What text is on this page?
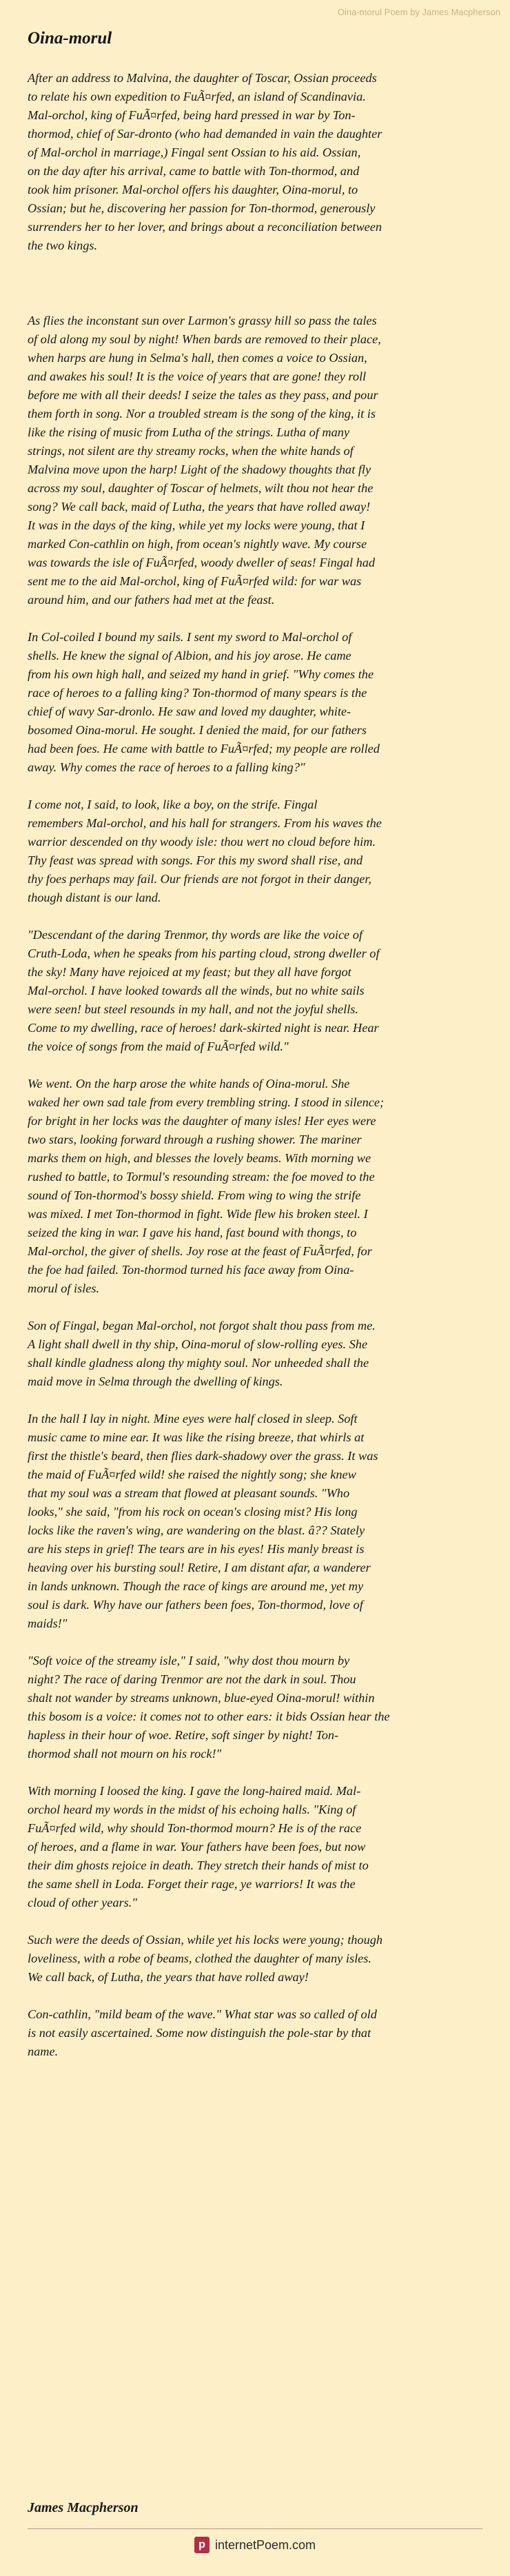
Oina-morul Poem by James Macpherson
Oina-morul

After an address to Malvina, the daughter of Toscar, Ossian proceeds
to relate his own expedition to FuÃ¤rfed, an island of Scandinavia.
Mal-orchol, king of FuÃ¤rfed, being hard pressed in war by Ton-
thormod, chief of Sar-dronto (who had demanded in vain the daughter
of Mal-orchol in marriage,) Fingal sent Ossian to his aid. Ossian,
on the day after his arrival, came to battle with Ton-thormod, and
took him prisoner. Mal-orchol offers his daughter, Oina-morul, to
Ossian; but he, discovering her passion for Ton-thormod, generously
surrenders her to her lover, and brings about a reconciliation between
the two kings.

As flies the inconstant sun over Larmon's grassy hill so pass the tales
of old along my soul by night! When bards are removed to their place,
when harps are hung in Selma's hall, then comes a voice to Ossian,
and awakes his soul! It is the voice of years that are gone! they roll
before me with all their deeds! I seize the tales as they pass, and pour
them forth in song. Nor a troubled stream is the song of the king, it is
like the rising of music from Lutha of the strings. Lutha of many
strings, not silent are thy streamy rocks, when the white hands of
Malvina move upon the harp! Light of the shadowy thoughts that fly
across my soul, daughter of Toscar of helmets, wilt thou not hear the
song? We call back, maid of Lutha, the years that have rolled away!
It was in the days of the king, while yet my locks were young, that I
marked Con-cathlin on high, from ocean's nightly wave. My course
was towards the isle of FuÃ¤rfed, woody dweller of seas! Fingal had
sent me to the aid Mal-orchol, king of FuÃ¤rfed wild: for war was
around him, and our fathers had met at the feast.

In Col-coiled I bound my sails. I sent my sword to Mal-orchol of
shells. He knew the signal of Albion, and his joy arose. He came
from his own high hall, and seized my hand in grief. "Why comes the
race of heroes to a falling king? Ton-thormod of many spears is the
chief of wavy Sar-dronlo. He saw and loved my daughter, white-
bosomed Oina-morul. He sought. I denied the maid, for our fathers
had been foes. He came with battle to FuÃ¤rfed; my people are rolled
away. Why comes the race of heroes to a falling king?"

I come not, I said, to look, like a boy, on the strife. Fingal
remembers Mal-orchol, and his hall for strangers. From his waves the
warrior descended on thy woody isle: thou wert no cloud before him.
Thy feast was spread with songs. For this my sword shall rise, and
thy foes perhaps may fail. Our friends are not forgot in their danger,
though distant is our land.

"Descendant of the daring Trenmor, thy words are like the voice of
Cruth-Loda, when he speaks from his parting cloud, strong dweller of
the sky! Many have rejoiced at my feast; but they all have forgot
Mal-orchol. I have looked towards all the winds, but no white sails
were seen! but steel resounds in my hall, and not the joyful shells.
Come to my dwelling, race of heroes! dark-skirted night is near. Hear
the voice of songs from the maid of FuÃ¤rfed wild."

We went. On the harp arose the white hands of Oina-morul. She
waked her own sad tale from every trembling string. I stood in silence;
for bright in her locks was the daughter of many isles! Her eyes were
two stars, looking forward through a rushing shower. The mariner
marks them on high, and blesses the lovely beams. With morning we
rushed to battle, to Tormul's resounding stream: the foe moved to the
sound of Ton-thormod's bossy shield. From wing to wing the strife
was mixed. I met Ton-thormod in fight. Wide flew his broken steel. I
seized the king in war. I gave his hand, fast bound with thongs, to
Mal-orchol, the giver of shells. Joy rose at the feast of FuÃ¤rfed, for
the foe had failed. Ton-thormod turned his face away from Oina-
morul of isles.

Son of Fingal, began Mal-orchol, not forgot shalt thou pass from me.
A light shall dwell in thy ship, Oina-morul of slow-rolling eyes. She
shall kindle gladness along thy mighty soul. Nor unheeded shall the
maid move in Selma through the dwelling of kings.

In the hall I lay in night. Mine eyes were half closed in sleep. Soft
music came to mine ear. It was like the rising breeze, that whirls at
first the thistle's beard, then flies dark-shadowy over the grass. It was
the maid of FuÃ¤rfed wild! she raised the nightly song; she knew
that my soul was a stream that flowed at pleasant sounds. "Who
looks," she said, "from his rock on ocean's closing mist? His long
locks like the raven's wing, are wandering on the blast. â?? Stately
are his steps in grief! The tears are in his eyes! His manly breast is
heaving over his bursting soul! Retire, I am distant afar, a wanderer
in lands unknown. Though the race of kings are around me, yet my
soul is dark. Why have our fathers been foes, Ton-thormod, love of
maids!"

"Soft voice of the streamy isle," I said, "why dost thou mourn by
night? The race of daring Trenmor are not the dark in soul. Thou
shalt not wander by streams unknown, blue-eyed Oina-morul! within
this bosom is a voice: it comes not to other ears: it bids Ossian hear the
hapless in their hour of woe. Retire, soft singer by night! Ton-
thormod shall not mourn on his rock!"

With morning I loosed the king. I gave the long-haired maid. Mal-
orchol heard my words in the midst of his echoing halls. "King of
FuÃ¤rfed wild, why should Ton-thormod mourn? He is of the race
of heroes, and a flame in war. Your fathers have been foes, but now
their dim ghosts rejoice in death. They stretch their hands of mist to
the same shell in Loda. Forget their rage, ye warriors! It was the
cloud of other years."

Such were the deeds of Ossian, while yet his locks were young; though
loveliness, with a robe of beams, clothed the daughter of many isles.
We call back, of Lutha, the years that have rolled away!

Con-cathlin, "mild beam of the wave." What star was so called of old
is not easily ascertained. Some now distinguish the pole-star by that
name.

James Macpherson
p internetPoem.com
